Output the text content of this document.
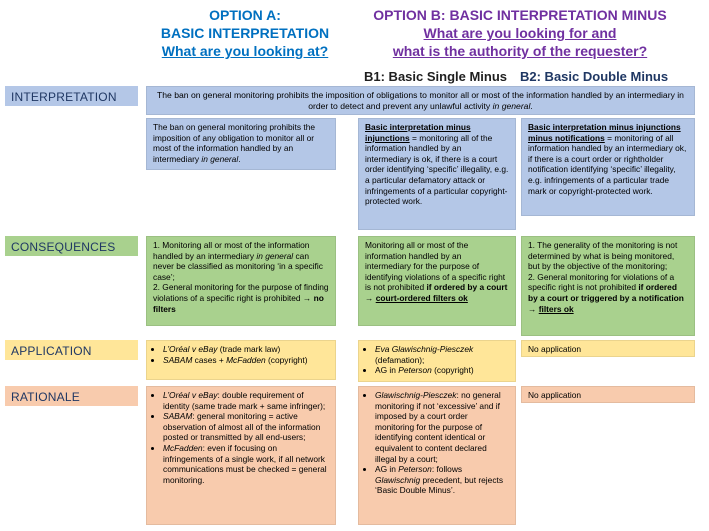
OPTION A:
BASIC INTERPRETATION
What are you looking at?
OPTION B: BASIC INTERPRETATION MINUS
What are you looking for and
what is the authority of the requester?
B1: Basic Single Minus B2: Basic Double Minus
INTERPRETATION
CONSEQUENCES
APPLICATION
RATIONALE
The ban on general monitoring prohibits the imposition of obligations to monitor all or most of the information handled by an intermediary in order to detect and prevent any unlawful activity in general.
The ban on general monitoring prohibits the imposition of any obligation to monitor all or most of the information handled by an intermediary in general.
Basic interpretation minus injunctions = monitoring all of the information handled by an intermediary is ok, if there is a court order identifying ‘specific’ illegality, e.g. a particular defamatory attack or infringements of a particular copyright-protected work.
Basic interpretation minus injunctions minus notifications = monitoring of all information handled by an intermediary ok, if there is a court order or rightholder notification identifying ‘specific’ illegality, e.g. infringements of a particular trade mark or copyright-protected work.
1. Monitoring all or most of the information handled by an intermediary in general can never be classified as monitoring ‘in a specific case’;
2. General monitoring for the purpose of finding violations of a specific right is prohibited → no filters
Monitoring all or most of the information handled by an intermediary for the purpose of identifying violations of a specific right is not prohibited if ordered by a court → court-ordered filters ok
1. The generality of the monitoring is not determined by what is being monitored, but by the objective of the monitoring;
2. General monitoring for violations of a specific right is not prohibited if ordered by a court or triggered by a notification → filters ok
• L’Oréal v eBay (trade mark law)
• SABAM cases + McFadden (copyright)
• Eva Glawischnig-Piesczek (defamation);
• AG in Peterson (copyright)
No application
• L’Oréal v eBay: double requirement of identity (same trade mark + same infringer);
• SABAM: general monitoring = active observation of almost all of the information posted or transmitted by all end-users;
• McFadden: even if focusing on infringements of a single work, if all network communications must be checked = general monitoring.
• Glawischnig-Piesczek: no general monitoring if not ‘excessive’ and if imposed by a court order monitoring for the purpose of identifying content identical or equivalent to content declared illegal by a court;
• AG in Peterson: follows Glawischnig precedent, but rejects ‘Basic Double Minus’.
No application
